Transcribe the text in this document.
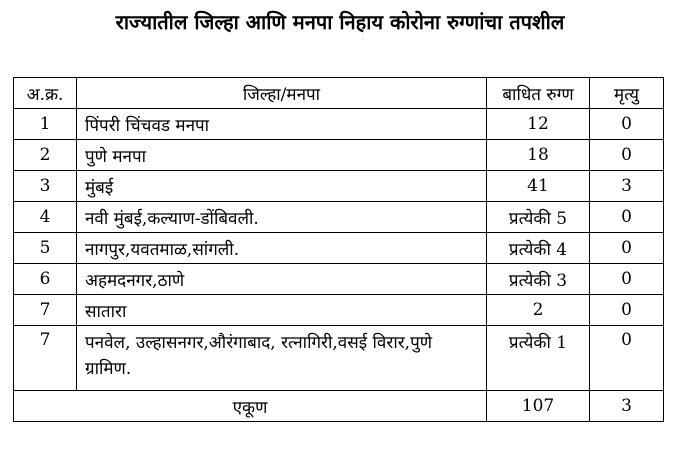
राज्यातील जिल्हा आणि मनपा निहाय कोरोना रुग्णांचा तपशील
अ.क्र.	जिल्हा/मनपा	बाधित रुग्ण	मृत्यु
1	पिंपरी चिंचवड मनपा	12	0
2	पुणे मनपा	18	0
3	मुंबई	41	3
4	नवी मुंबई,कल्याण-डोंबिवली.	प्रत्येकी 5	0
5	नागपुर,यवतमाळ,सांगली.	प्रत्येकी 4	0
6	अहमदनगर,ठाणे	प्रत्येकी 3	0
7	सातारा	2	0
7	पनवेल, उल्हासनगर,औरंगाबाद, रत्नागिरी,वसई विरार,पुणे ग्रामिण.	प्रत्येकी 1	0
एकूण		107	3
